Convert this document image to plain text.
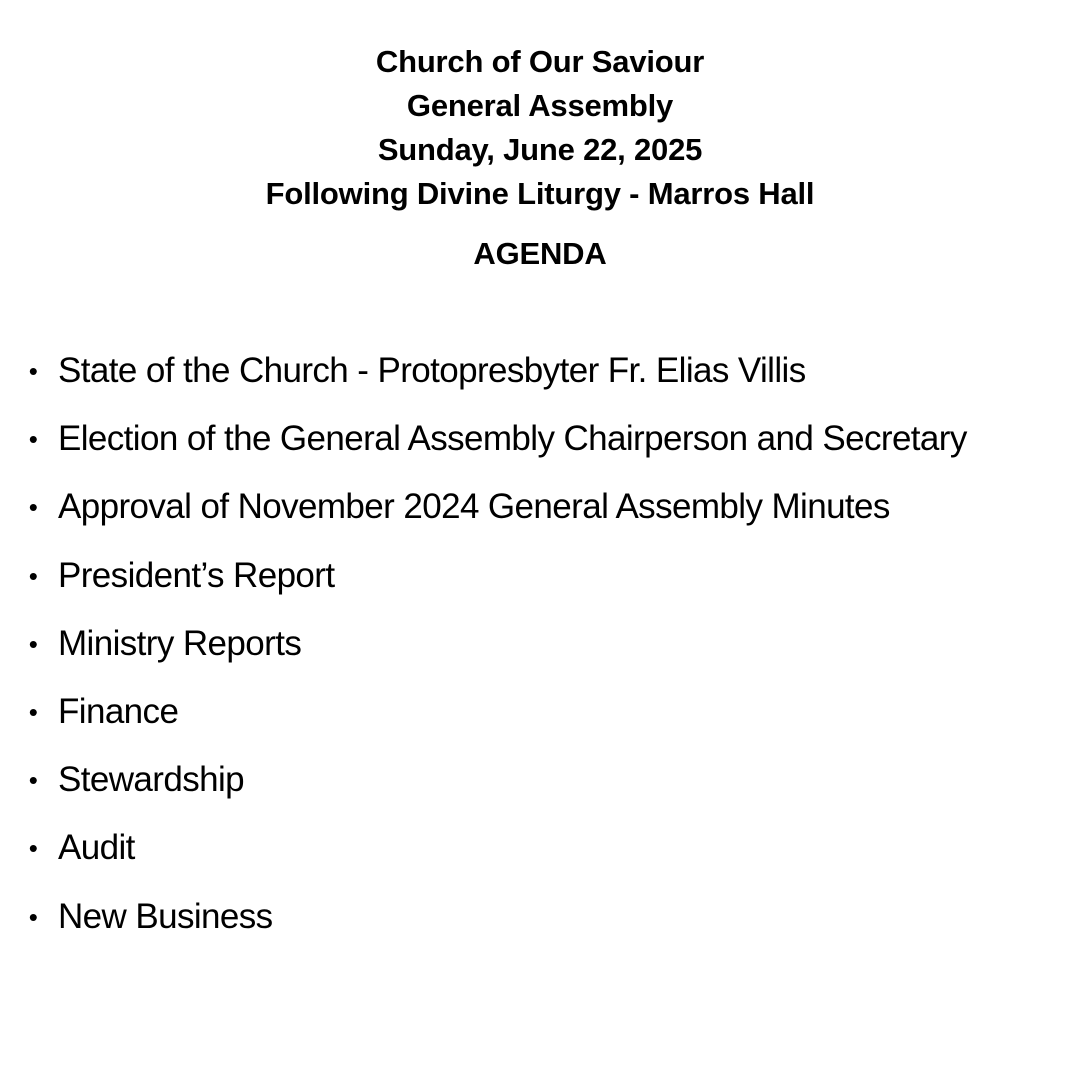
Church of Our Saviour
General Assembly
Sunday, June 22, 2025
Following Divine Liturgy - Marros Hall
AGENDA
• State of the Church - Protopresbyter Fr. Elias Villis
• Election of the General Assembly Chairperson and Secretary
• Approval of November 2024 General Assembly Minutes
• President’s Report
• Ministry Reports
• Finance
• Stewardship
• Audit
• New Business
